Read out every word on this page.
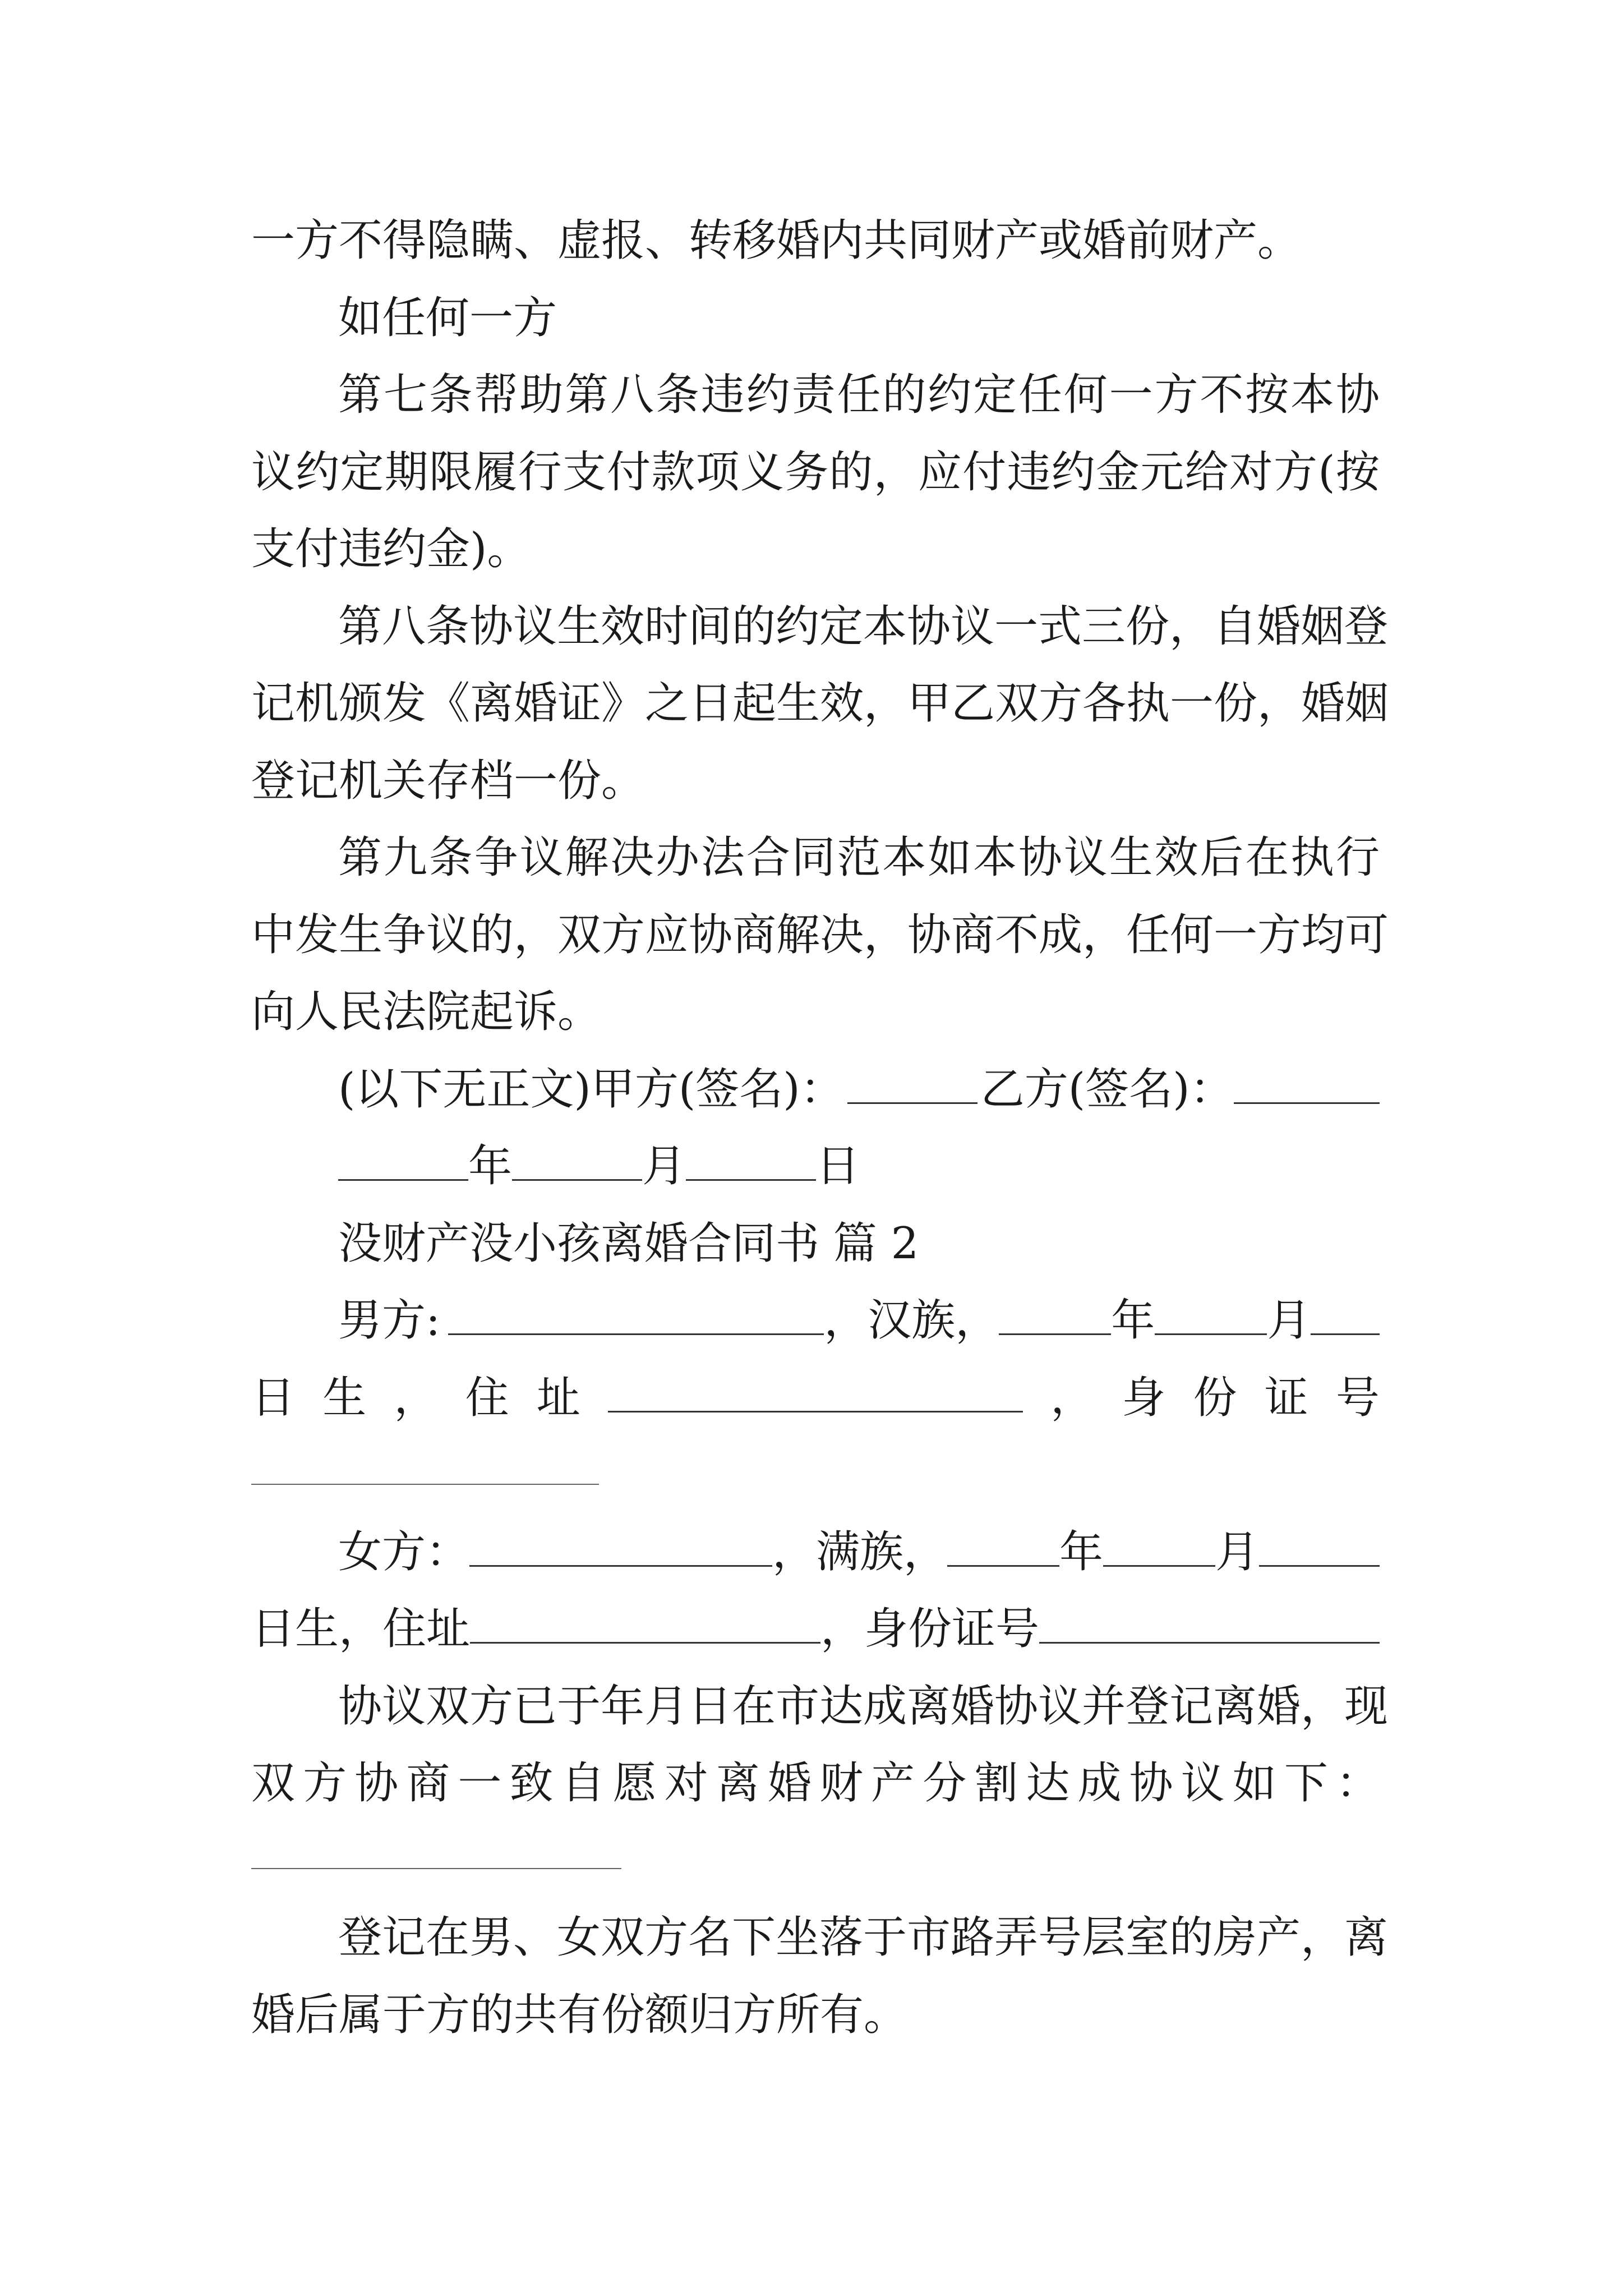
一方不得隐瞒、虚报、转移婚内共同财产或婚前财产。
如任何一方
第七条帮助第八条违约责任的约定任何一方不按本协
议约定期限履行支付款项义务的，应付违约金元给对方(按
支付违约金)。
第八条协议生效时间的约定本协议一式三份，自婚姻登
记机颁发《离婚证》之日起生效，甲乙双方各执一份，婚姻
登记机关存档一份。
第九条争议解决办法合同范本如本协议生效后在执行
中发生争议的，双方应协商解决，协商不成，任何一方均可
向人民法院起诉。
(以下无正文)甲方(签名)：	乙方(签名)：
年	月	日
没财产没小孩离婚合同书 篇 2
男方:	，汉族，	年	月
日 生 ， 住 址	， 身 份 证 号
女方：	，满族，	年	月
日生，住址	，身份证号
协议双方已于年月日在市达成离婚协议并登记离婚，现
双方协商一致自愿对离婚财产分割达成协议如下：
登记在男、女双方名下坐落于市路弄号层室的房产，离
婚后属于方的共有份额归方所有。
